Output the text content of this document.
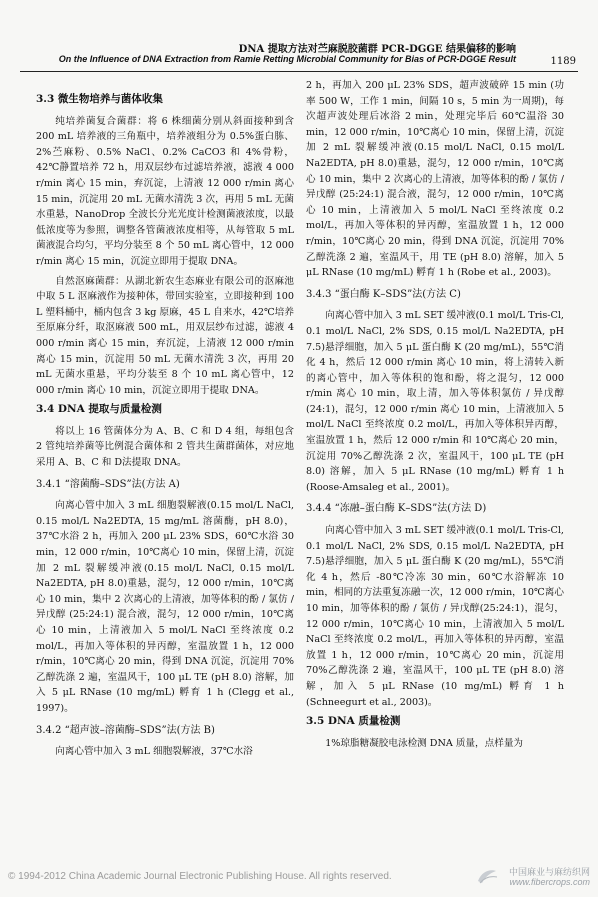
DNA 提取方法对苎麻脱胶菌群 PCR-DGGE 结果偏移的影响
On the Influence of DNA Extraction from Ramie Retting Microbial Community for Bias of PCR-DGGE Result	1189
3.3 微生物培养与菌体收集

纯培养菌复合菌群：将 6 株细菌分别从斜面接种到含 200 mL 培养液的三角瓶中，培养液组分为 0.5%蛋白胨、2%苎麻粉、0.5% NaCl、0.2% CaCO3 和 4%骨粉，42℃静置培养 72 h，用双层纱布过滤培养液，滤液 4 000 r/min 离心 15 min，弃沉淀，上清液 12 000 r/min 离心 15 min，沉淀用 20 mL 无菌水清洗 3 次，再用 5 mL 无菌水重悬，NanoDrop 全波长分光光度计检测菌液浓度，以最低浓度等为参照，调整各管菌液浓度相等，从每管取 5 mL 菌液混合均匀，平均分装至 8 个 50 mL 离心管中，12 000 r/min 离心 15 min，沉淀立即用于提取 DNA。

自然沤麻菌群：从湖北新农生态麻业有限公司的沤麻池中取 5 L 沤麻液作为接种体，带回实验室，立即接种到 100 L 塑料桶中，桶内包含 3 kg 原麻，45 L 自来水，42℃培养至原麻分纤，取沤麻液 500 mL，用双层纱布过滤，滤液 4 000 r/min 离心 15 min，弃沉淀，上清液 12 000 r/min 离心 15 min，沉淀用 50 mL 无菌水清洗 3 次，再用 20 mL 无菌水重悬，平均分装至 8 个 10 mL 离心管中，12 000 r/min 离心 10 min，沉淀立即用于提取 DNA。

3.4 DNA 提取与质量检测

将以上 16 管菌体分为 A、B、C 和 D 4 组，每组包含 2 管纯培养菌等比例混合菌体和 2 管共生菌群菌体，对应地采用 A、B、C 和 D法提取 DNA。

3.4.1 “溶菌酶–SDS”法(方法 A)

向离心管中加入 3 mL 细胞裂解液(0.15 mol/L NaCl, 0.15 mol/L Na2EDTA, 15 mg/mL 溶菌酶，pH 8.0)，37℃水浴 2 h，再加入 200 μL 23% SDS，60℃水浴 30 min，12 000 r/min，10℃离心 10 min，保留上清，沉淀加 2 mL 裂解缓冲液(0.15 mol/L NaCl, 0.15 mol/L Na2EDTA, pH 8.0)重悬，混匀，12 000 r/min，10℃离心 10 min，集中 2 次离心的上清液，加等体积的酚 / 氯仿 / 异戊醇 (25:24:1) 混合液，混匀，12 000 r/min，10℃离心 10 min，上清液加入 5 mol/L NaCl 至终浓度 0.2 mol/L，再加入等体积的异丙醇，室温放置 1 h，12 000 r/min，10℃离心 20 min，得到 DNA 沉淀，沉淀用 70%乙醇洗涤 2 遍，室温风干，100 μL TE (pH 8.0) 溶解，加入 5 μL RNase (10 mg/mL) 孵育 1 h (Clegg et al., 1997)。

3.4.2 “超声波–溶菌酶–SDS”法(方法 B)

向离心管中加入 3 mL 细胞裂解液，37℃水浴

2 h，再加入 200 μL 23% SDS，超声波破碎 15 min (功率 500 W，工作 1 min，间隔 10 s，5 min 为一周期)，每次超声波处理后冰浴 2 min，处理完毕后 60℃温浴 30 min，12 000 r/min，10℃离心 10 min，保留上清，沉淀加 2 mL 裂解缓冲液(0.15 mol/L NaCl, 0.15 mol/L Na2EDTA, pH 8.0)重悬，混匀，12 000 r/min，10℃离心 10 min，集中 2 次离心的上清液，加等体积的酚 / 氯仿 / 异戊醇 (25:24:1) 混合液，混匀，12 000 r/min，10℃离心 10 min，上清液加入 5 mol/L NaCl 至终浓度 0.2 mol/L，再加入等体积的异丙醇，室温放置 1 h，12 000 r/min，10℃离心 20 min，得到 DNA 沉淀，沉淀用 70%乙醇洗涤 2 遍，室温风干，用 TE (pH 8.0) 溶解，加入 5 μL RNase (10 mg/mL) 孵育 1 h (Robe et al., 2003)。

3.4.3 “蛋白酶 K–SDS”法(方法 C)

向离心管中加入 3 mL SET 缓冲液(0.1 mol/L Tris-Cl, 0.1 mol/L NaCl, 2% SDS, 0.15 mol/L Na2EDTA, pH 7.5)悬浮细胞，加入 5 μL 蛋白酶 K (20 mg/mL)，55℃消化 4 h，然后 12 000 r/min 离心 10 min，将上清转入新的离心管中，加入等体积的饱和酚，将之混匀，12 000 r/min 离心 10 min，取上清，加入等体积氯仿 / 异戊醇(24:1)，混匀，12 000 r/min 离心 10 min，上清液加入 5 mol/L NaCl 至终浓度 0.2 mol/L，再加入等体积异丙醇，室温放置 1 h，然后 12 000 r/min 和 10℃离心 20 min，沉淀用 70%乙醇洗涤 2 次，室温风干，100 μL TE (pH 8.0) 溶解，加入 5 μL RNase (10 mg/mL) 孵育 1 h (Roose-Amsaleg et al., 2001)。

3.4.4 “冻融–蛋白酶 K–SDS”法(方法 D)

向离心管中加入 3 mL SET 缓冲液(0.1 mol/L Tris-Cl, 0.1 mol/L NaCl, 2% SDS, 0.15 mol/L Na2EDTA, pH 7.5)悬浮细胞，加入 5 μL 蛋白酶 K (20 mg/mL)，55℃消化 4 h，然后 -80℃冷冻 30 min，60℃水浴解冻 10 min，相同的方法重复冻融一次，12 000 r/min，10℃离心 10 min，加等体积的酚 / 氯仿 / 异戊醇(25:24:1)，混匀，12 000 r/min，10℃离心 10 min，上清液加入 5 mol/L NaCl 至终浓度 0.2 mol/L，再加入等体积的异丙醇，室温放置 1 h，12 000 r/min，10℃离心 20 min，沉淀用 70%乙醇洗涤 2 遍，室温风干，100 μL TE (pH 8.0) 溶解，加入 5 μL RNase (10 mg/mL) 孵育 1 h (Schneegurt et al., 2003)。

3.5 DNA 质量检测

1%琼脂糖凝胶电泳检测 DNA 质量，点样量为

© 1994-2012 China Academic Journal Electronic Publishing House. All rights reserved.	中国麻业与麻纺织网
www.fibercrops.com
